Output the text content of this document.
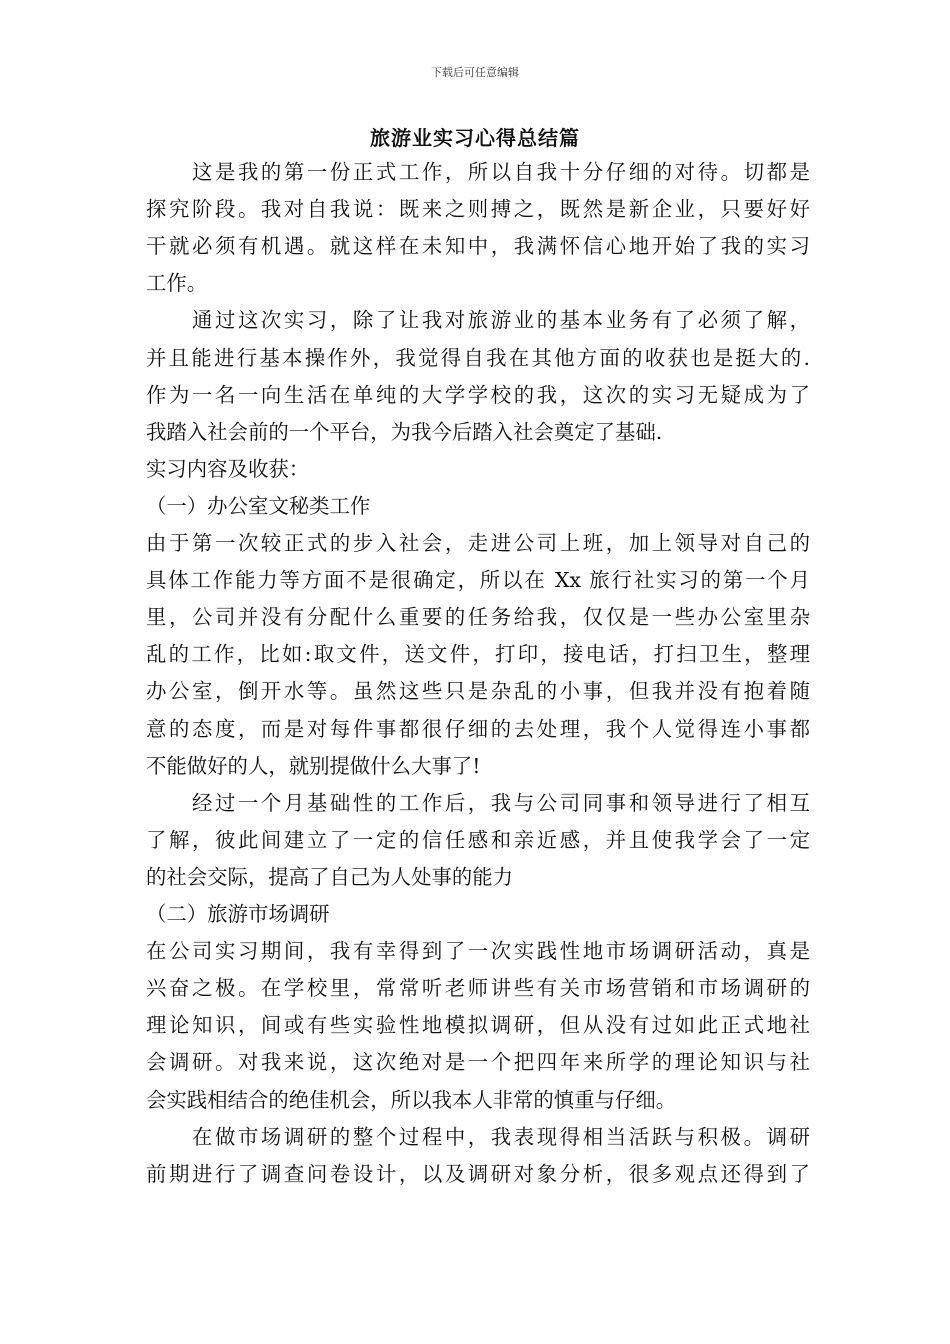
下载后可任意编辑
旅游业实习心得总结篇
　　这是我的第一份正式工作，所以自我十分仔细的对待。切都是
探究阶段。我对自我说：既来之则搏之，既然是新企业，只要好好
干就必须有机遇。就这样在未知中，我满怀信心地开始了我的实习
工作。
　　通过这次实习，除了让我对旅游业的基本业务有了必须了解，
并且能进行基本操作外，我觉得自我在其他方面的收获也是挺大的.
作为一名一向生活在单纯的大学学校的我，这次的实习无疑成为了
我踏入社会前的一个平台，为我今后踏入社会奠定了基础.
实习内容及收获：
（一）办公室文秘类工作
由于第一次较正式的步入社会，走进公司上班，加上领导对自己的
具体工作能力等方面不是很确定，所以在 Xx 旅行社实习的第一个月
里，公司并没有分配什么重要的任务给我，仅仅是一些办公室里杂
乱的工作，比如:取文件，送文件，打印，接电话，打扫卫生，整理
办公室，倒开水等。虽然这些只是杂乱的小事，但我并没有抱着随
意的态度，而是对每件事都很仔细的去处理，我个人觉得连小事都
不能做好的人，就别提做什么大事了!
　　经过一个月基础性的工作后，我与公司同事和领导进行了相互
了解，彼此间建立了一定的信任感和亲近感，并且使我学会了一定
的社会交际，提高了自己为人处事的能力
（二）旅游市场调研
在公司实习期间，我有幸得到了一次实践性地市场调研活动，真是
兴奋之极。在学校里，常常听老师讲些有关市场营销和市场调研的
理论知识，间或有些实验性地模拟调研，但从没有过如此正式地社
会调研。对我来说，这次绝对是一个把四年来所学的理论知识与社
会实践相结合的绝佳机会，所以我本人非常的慎重与仔细。
　　在做市场调研的整个过程中，我表现得相当活跃与积极。调研
前期进行了调查问卷设计，以及调研对象分析，很多观点还得到了
